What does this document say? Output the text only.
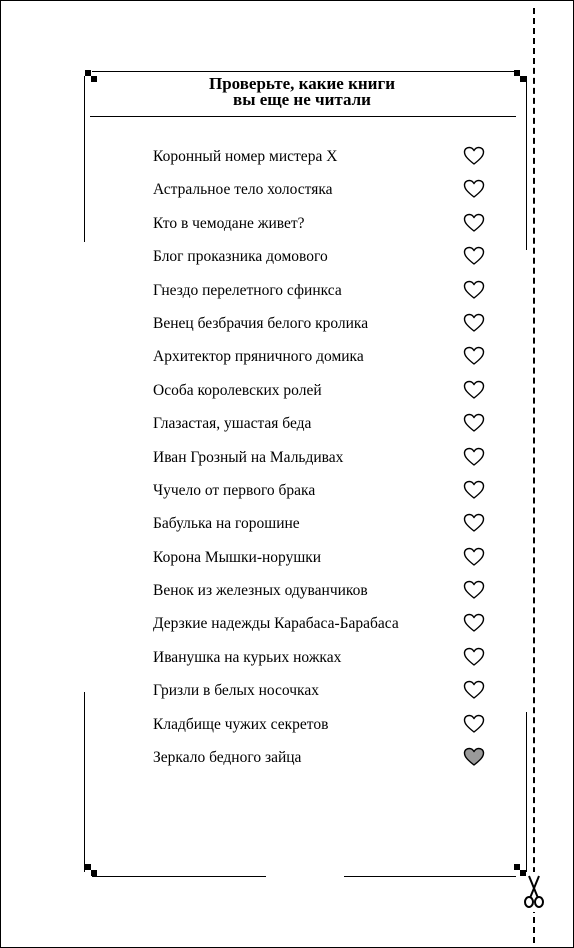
Проверьте, какие книги
вы еще не читали
Коронный номер мистера Х
Астральное тело холостяка
Кто в чемодане живет?
Блог проказника домового
Гнездо перелетного сфинкса
Венец безбрачия белого кролика
Архитектор пряничного домика
Особа королевских ролей
Глазастая, ушастая беда
Иван Грозный на Мальдивах
Чучело от первого брака
Бабулька на горошине
Корона Мышки-норушки
Венок из железных одуванчиков
Дерзкие надежды Карабаса-Барабаса
Иванушка на курьих ножках
Гризли в белых носочках
Кладбище чужих секретов
Зеркало бедного зайца
